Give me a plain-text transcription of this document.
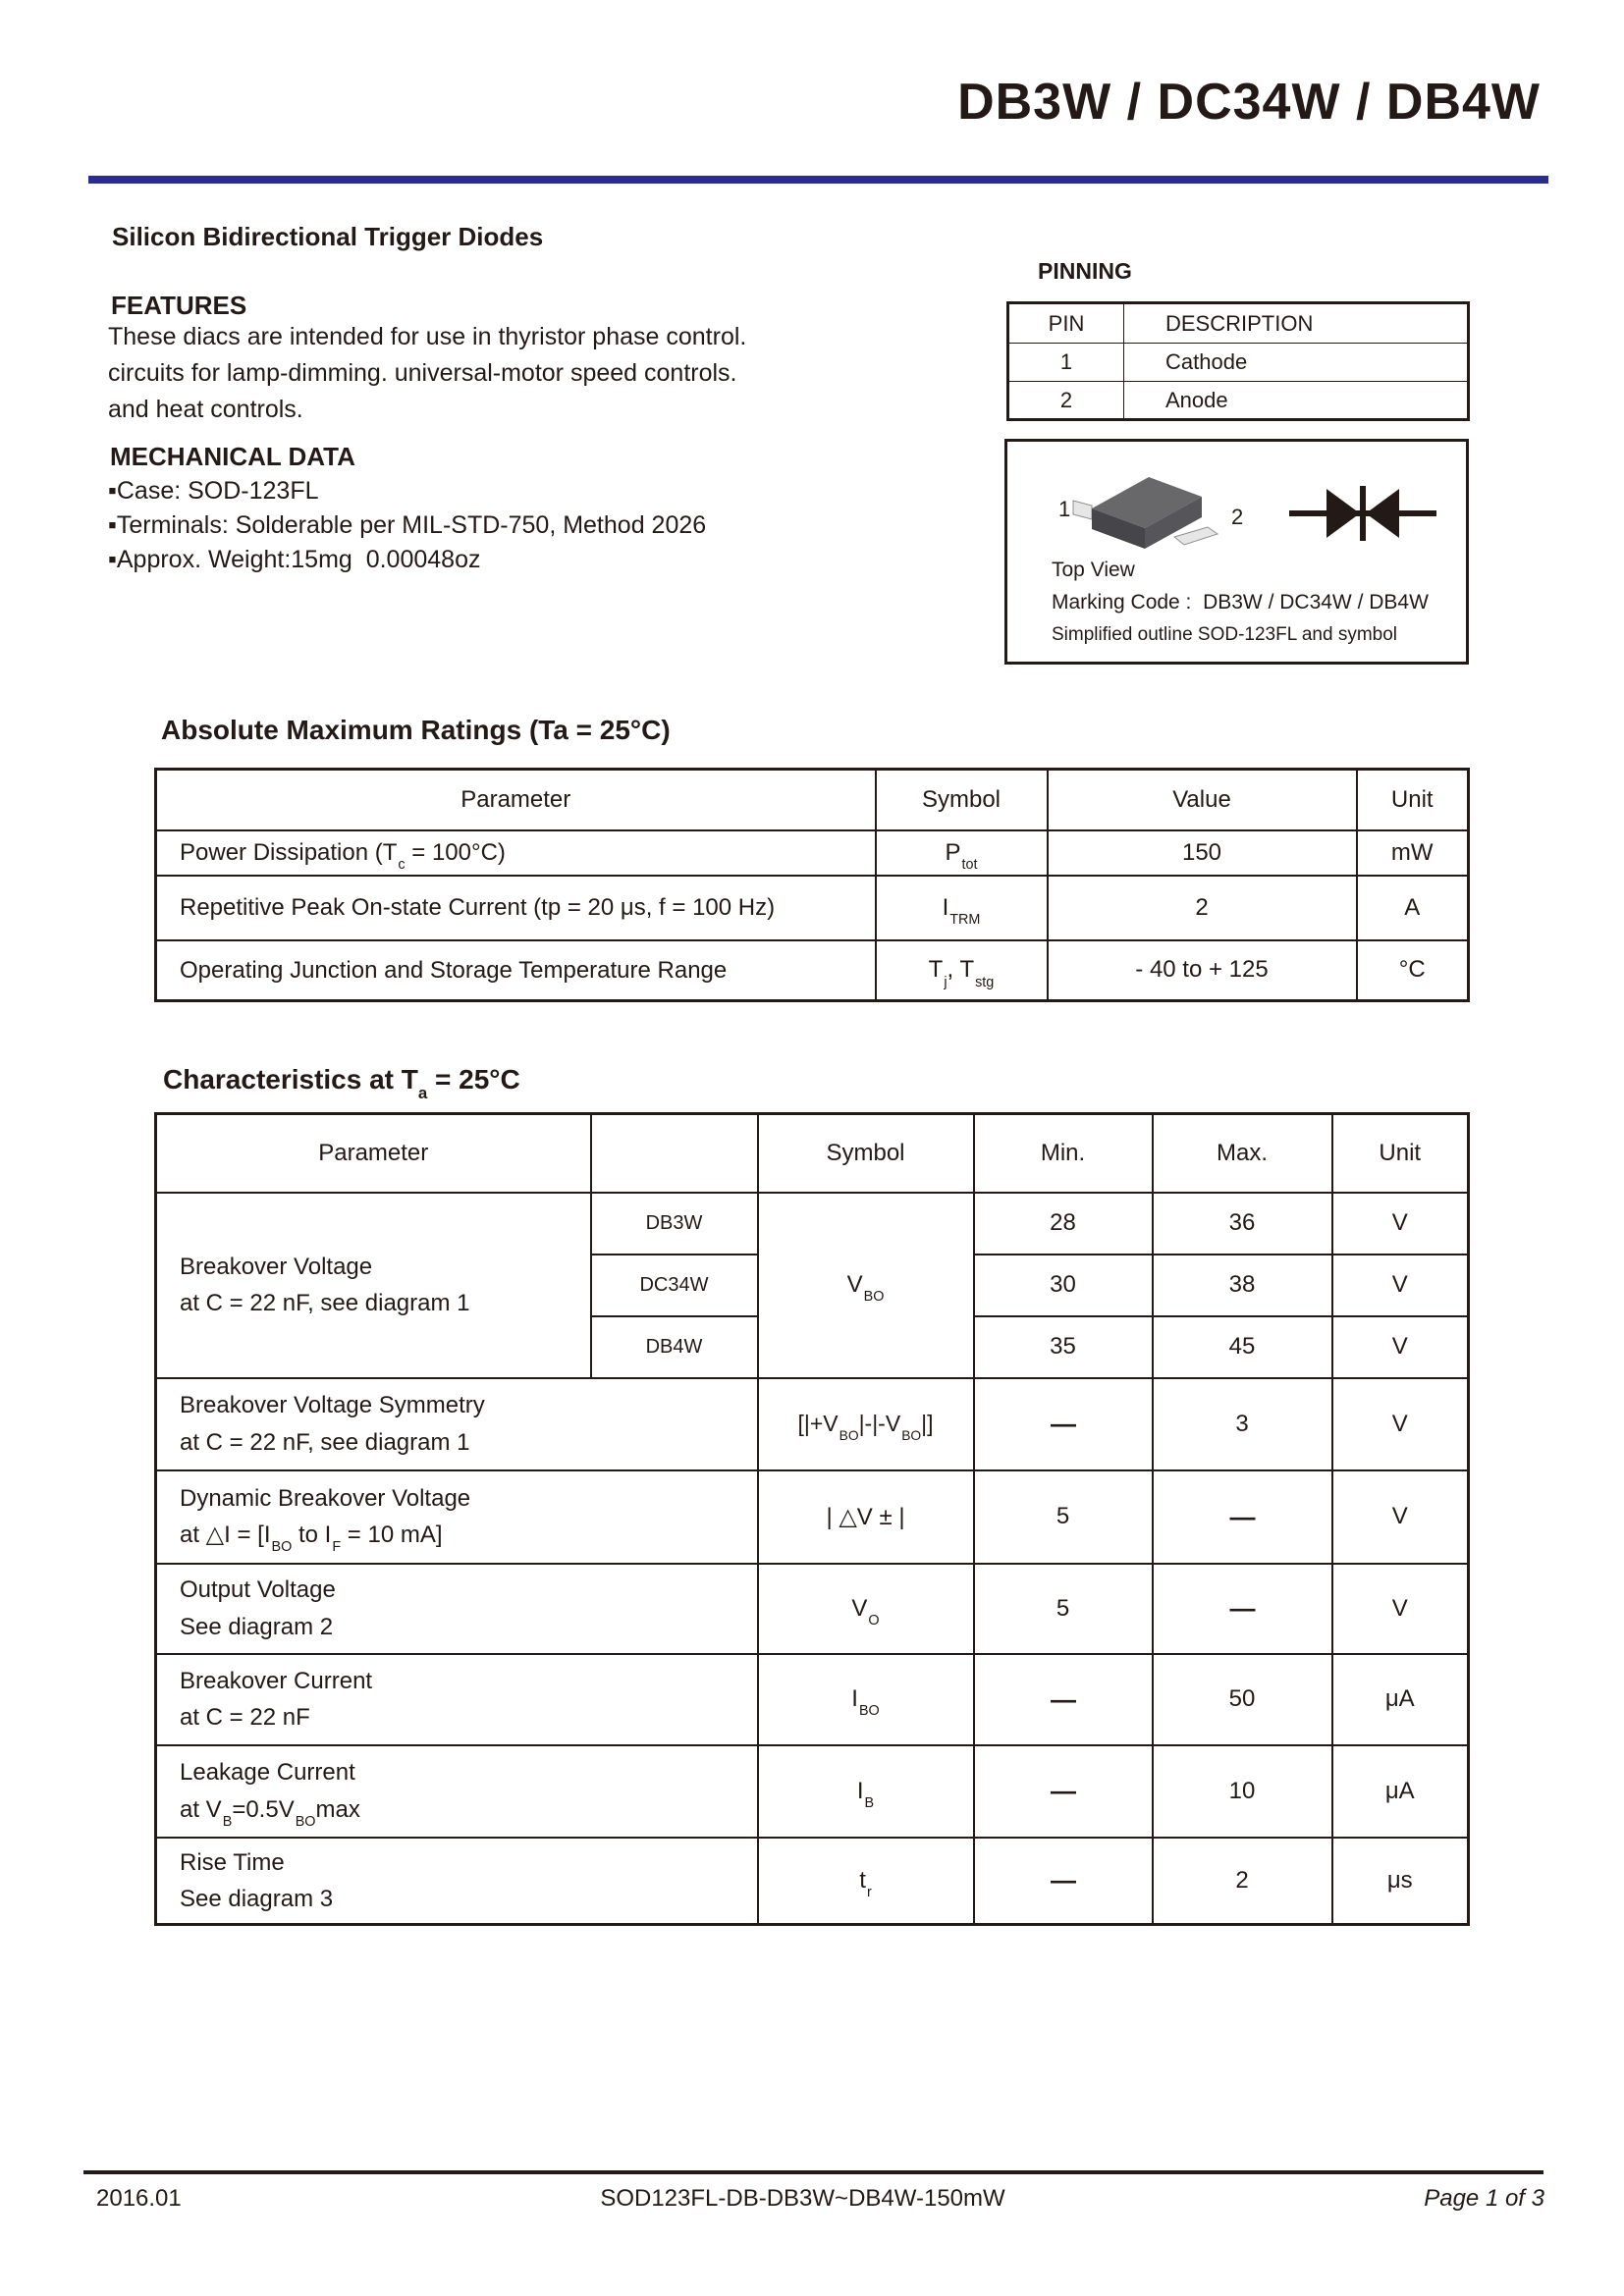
DB3W / DC34W / DB4W
Silicon Bidirectional Trigger Diodes
FEATURES
These diacs are intended for use in thyristor phase control.
circuits for lamp-dimming. universal-motor speed controls.
and heat controls.
MECHANICAL DATA
▪Case: SOD-123FL
▪Terminals: Solderable per MIL-STD-750, Method 2026
▪Approx. Weight:15mg  0.00048oz
PINNING
PIN	DESCRIPTION
1	Cathode
2	Anode
1	2
Top View
Marking Code :  DB3W / DC34W / DB4W
Simplified outline SOD-123FL and symbol
Absolute Maximum Ratings (Ta = 25°C)
Parameter	Symbol	Value	Unit
Power Dissipation $(T_c = 100^\circ C)$	$P_{tot}$	150	mW
Repetitive Peak On-state Current (tp = 20 μs, f = 100 Hz)	$I_{TRM}$	2	A
Operating Junction and Storage Temperature Range	$T_j$, $T_{stg}$	- 40 to + 125	°C
Characteristics at $T_a = 25^\circ C$
Parameter		Symbol	Min.	Max.	Unit

Breakover Voltage
at C = 22 nF, see diagram 1	DB3W	$V_{BO}$	28	36	V
	DC34W		30	38	V
	DB4W		35	45	V

Breakover Voltage Symmetry
at C = 22 nF, see diagram 1		$[|+V_{BO}|-|-V_{BO}|]$	—	3	V

Dynamic Breakover Voltage
at △I = [$I_{BO}$ to $I_F = 10$ mA]		| △V ± |	5	—	V

Output Voltage
See diagram 2		$V_O$	5	—	V

Breakover Current
at C = 22 nF		$I_{BO}$	—	50	μA

Leakage Current
at $V_B=0.5V_{BO}\max$		$I_B$	—	10	μA

Rise Time
See diagram 3		$t_r$	—	2	μs
2016.01	SOD123FL-DB-DB3W~DB4W-150mW	Page 1 of 3
